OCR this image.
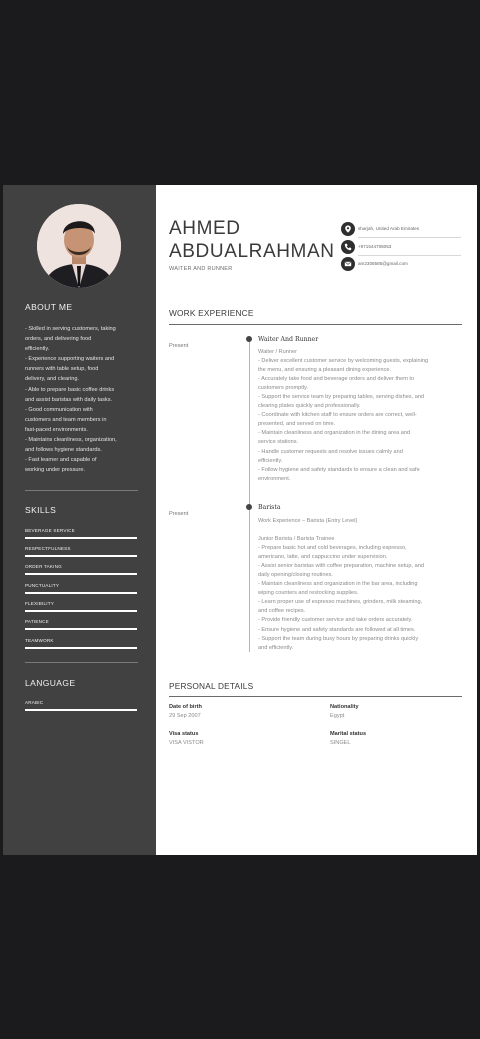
ABOUT ME
- Skilled in serving customers, taking
orders, and delivering food
efficiently.
- Experience supporting waiters and
runners with table setup, food
delivery, and clearing.
- Able to prepare basic coffee drinks
and assist baristas with daily tasks.
- Good communication with
customers and team members in
fast-paced environments.
- Maintains cleanliness, organization,
and follows hygiene standards.
- Fast learner and capable of
working under pressure.
SKILLS
BEVERAGE SERVICE
RESPECTFULNESS
ORDER TAKING
PUNCTUALITY
FLEXIBILITY
PATIENCE
TEAMWORK
LANGUAGE
ARABIC
AHMED
ABDUALRAHMAN
WAITER AND RUNNER
sharjah, United Arab Emirates
+971544705053
am2308585@gmail.com
WORK EXPERIENCE
Present
Waiter And Runner
Waiter / Runner
- Deliver excellent customer service by welcoming guests, explaining
the menu, and ensuring a pleasant dining experience.
- Accurately take food and beverage orders and deliver them to
customers promptly.
- Support the service team by preparing tables, serving dishes, and
clearing plates quickly and professionally.
- Coordinate with kitchen staff to ensure orders are correct, well-
presented, and served on time.
- Maintain cleanliness and organization in the dining area and
service stations.
- Handle customer requests and resolve issues calmly and
efficiently.
- Follow hygiene and safety standards to ensure a clean and safe
environment.
Present
Barista
Work Experience – Barista (Entry Level)
Junior Barista / Barista Trainee
- Prepare basic hot and cold beverages, including espresso,
americano, latte, and cappuccino under supervision.
- Assist senior baristas with coffee preparation, machine setup, and
daily opening/closing routines.
- Maintain cleanliness and organization in the bar area, including
wiping counters and restocking supplies.
- Learn proper use of espresso machines, grinders, milk steaming,
and coffee recipes.
- Provide friendly customer service and take orders accurately.
- Ensure hygiene and safety standards are followed at all times.
- Support the team during busy hours by preparing drinks quickly
and efficiently.
PERSONAL DETAILS
Date of birth
29 Sep 2007
Nationality
Egypt
Visa status
VISA VISTOR
Marital status
SINGEL
